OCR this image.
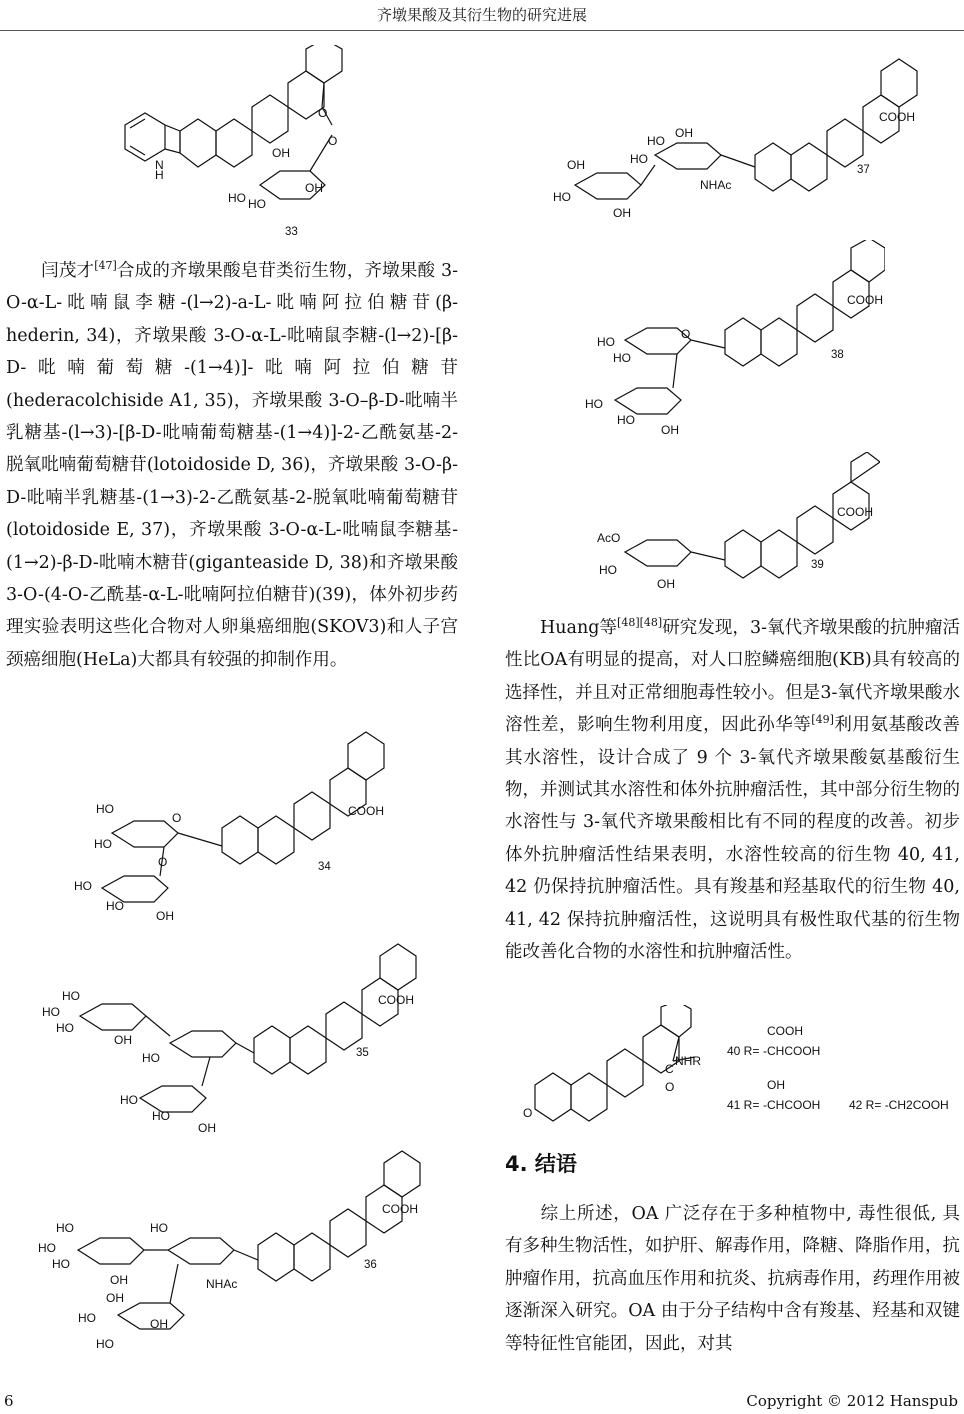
齐墩果酸及其衍生物的研究进展
O
O
OH
OH
HO HO
H
N
33
COOH
NHAc
HO
OH
OH	HO
HO
OH
37
COOH
HO
HO
HO
HO
OH
O
38
COOH
AcO
HO
OH
39
COOH
HO
HO
HO
HO
OH
O
O	34
COOH
HO
HO
HO
OH
HO
HO
HO
OH
35
COOH
NHAc
HO
HO
HO
OH
HO
OH
HO	OH
HO
36
O
C
O
NHR
COOH
40 R= -CHCOOH
OH
41 R= -CHCOOH 42 R= -CH2COOH

闫茂才[47]合成的齐墩果酸皂苷类衍生物，齐墩果酸 3-O-α-L-吡喃鼠李糖-(l→2)-a-L-吡喃阿拉伯糖苷(β-hederin, 34)，齐墩果酸 3-O-α-L-吡喃鼠李糖-(l→2)-[β-D-吡喃葡萄糖-(1→4)]-吡喃阿拉伯糖苷(hederacolchiside A1, 35)，齐墩果酸 3-O–β-D-吡喃半乳糖基-(l→3)-[β-D-吡喃葡萄糖基-(1→4)]-2-乙酰氨基-2-脱氧吡喃葡萄糖苷(lotoidoside D, 36)，齐墩果酸 3-O-β-D-吡喃半乳糖基-(1→3)-2-乙酰氨基-2-脱氧吡喃葡萄糖苷(lotoidoside E, 37)，齐墩果酸 3-O-α-L-吡喃鼠李糖基-(1→2)-β-D-吡喃木糖苷(giganteaside D, 38)和齐墩果酸 3-O-(4-O-乙酰基-α-L-吡喃阿拉伯糖苷)(39)，体外初步药理实验表明这些化合物对人卵巢癌细胞(SKOV3)和人子宫颈癌细胞(HeLa)大都具有较强的抑制作用。

Huang等[48][48]研究发现，3-氧代齐墩果酸的抗肿瘤活性比OA有明显的提高，对人口腔鳞癌细胞(KB)具有较高的选择性，并且对正常细胞毒性较小。但是3-氧代齐墩果酸水溶性差，影响生物利用度，因此孙华等[49]利用氨基酸改善其水溶性，设计合成了 9 个 3-氧代齐墩果酸氨基酸衍生物，并测试其水溶性和体外抗肿瘤活性，其中部分衍生物的水溶性与 3-氧代齐墩果酸相比有不同的程度的改善。初步体外抗肿瘤活性结果表明，水溶性较高的衍生物 40, 41, 42 仍保持抗肿瘤活性。具有羧基和羟基取代的衍生物 40, 41, 42 保持抗肿瘤活性，这说明具有极性取代基的衍生物能改善化合物的水溶性和抗肿瘤活性。

4. 结语

综上所述，OA 广泛存在于多种植物中, 毒性很低, 具有多种生物活性，如护肝、解毒作用，降糖、降脂作用，抗肿瘤作用，抗高血压作用和抗炎、抗病毒作用，药理作用被逐渐深入研究。OA 由于分子结构中含有羧基、羟基和双键等特征性官能团，因此，对其

6	Copyright © 2012 Hanspub
